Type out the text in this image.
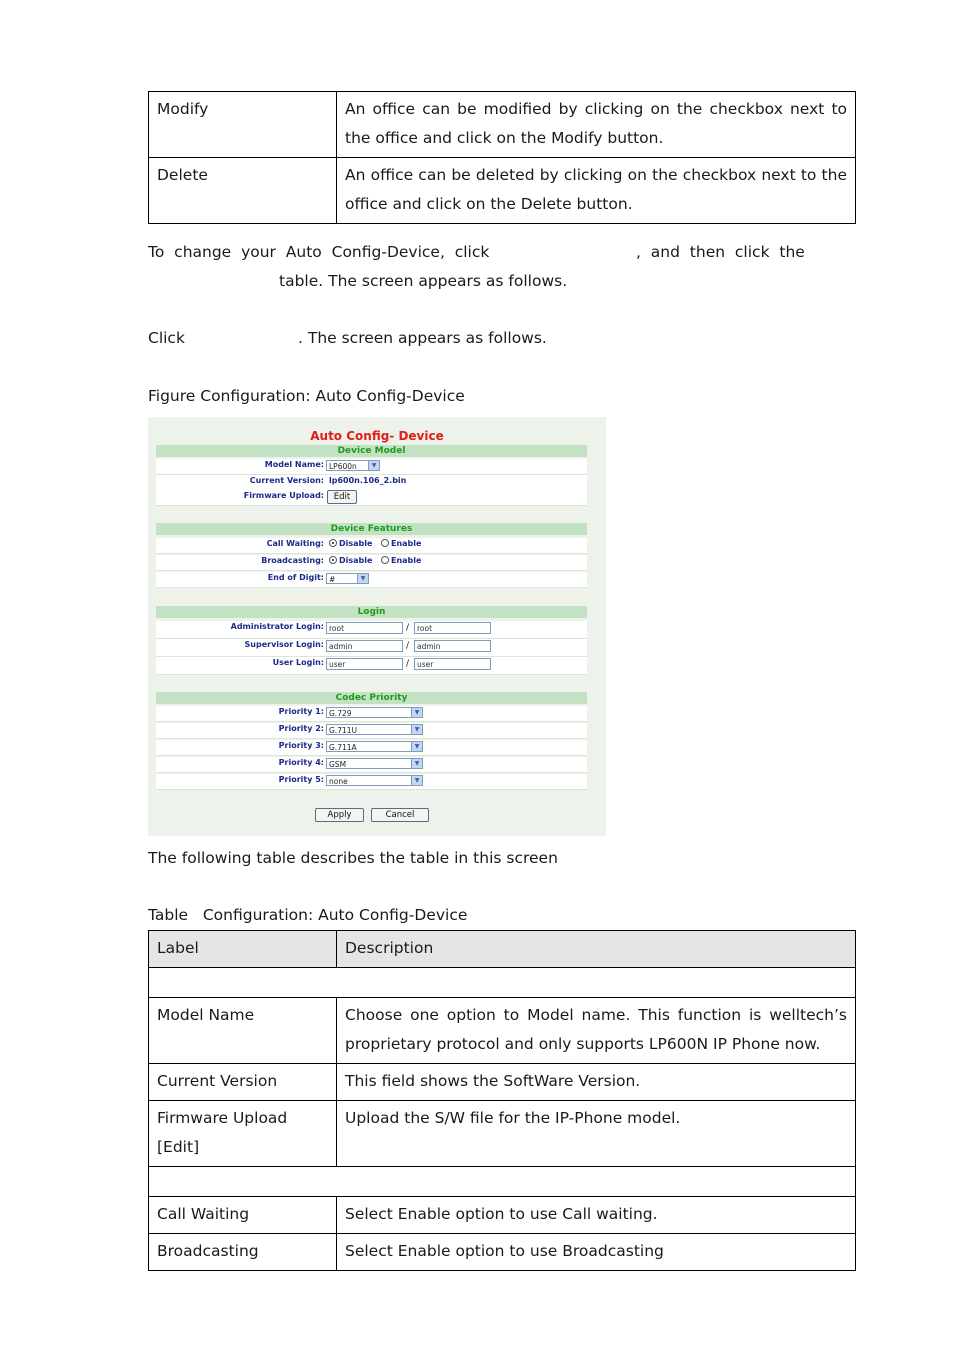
Modify	An office can be modified by clicking on the checkbox next to the office and click on the Modify button.
Delete	An office can be deleted by clicking on the checkbox next to the office and click on the Delete button.
To  change  your  Auto  Config-Device,  click	,  and  then  click  the
table. The screen appears as follows.
Click	. The screen appears as follows.
Figure Configuration: Auto Config-Device
Auto Config- Device
Device Model
Model Name: LP600n	▼
Current Version: lp600n.106_2.bin
Firmware Upload:	Edit
Device Features
Call Waiting:	Disable	Enable
Broadcasting:	Disable	Enable
End of Digit: #	▼
Login
Administrator Login: root	/	root
Supervisor Login: admin	/	admin
User Login: user	/	user
Codec Priority
Priority 1: G.729	▼
Priority 2: G.711U	▼
Priority 3: G.711A	▼
Priority 4: GSM	▼
Priority 5: none	▼
Apply	Cancel
The following table describes the table in this screen
Table   Configuration: Auto Config-Device
Label	Description

Model Name	Choose one option to Model name. This function is welltech’s proprietary protocol and only supports LP600N IP Phone now.
Current Version	This field shows the SoftWare Version.
Firmware Upload [Edit]	Upload the S/W file for the IP-Phone model.

Call Waiting	Select Enable option to use Call waiting.
Broadcasting	Select Enable option to use Broadcasting
